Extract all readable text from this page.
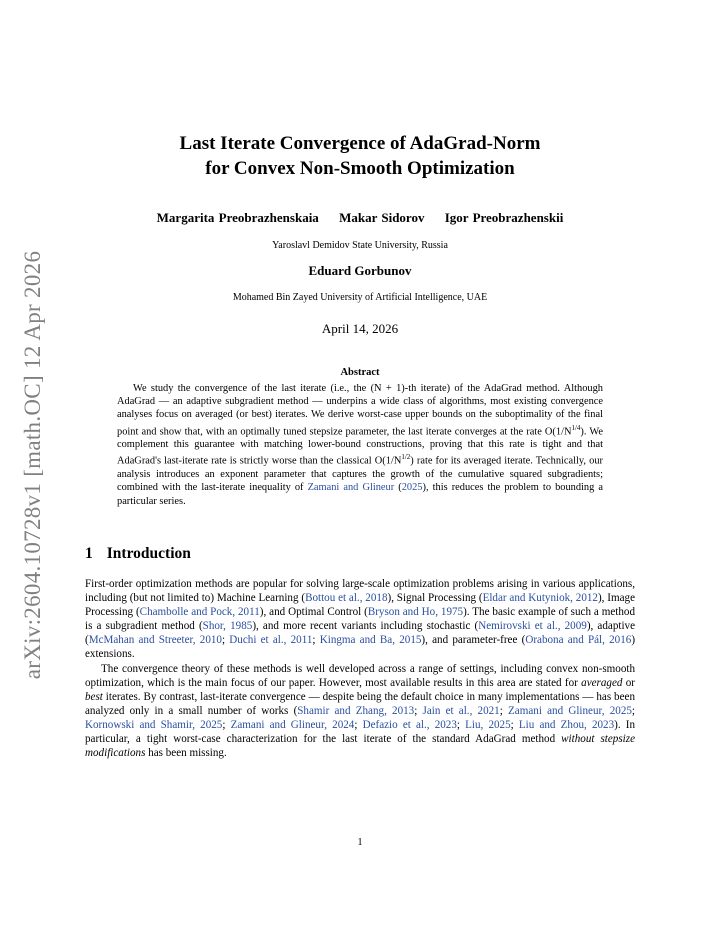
arXiv:2604.10728v1 [math.OC] 12 Apr 2026
Last Iterate Convergence of AdaGrad-Norm
for Convex Non-Smooth Optimization
Margarita Preobrazhenskaia Makar Sidorov Igor Preobrazhenskii
Yaroslavl Demidov State University, Russia
Eduard Gorbunov
Mohamed Bin Zayed University of Artificial Intelligence, UAE
April 14, 2026
Abstract
We study the convergence of the last iterate (i.e., the (N + 1)-th iterate) of the AdaGrad method. Although AdaGrad — an adaptive subgradient method — underpins a wide class of algorithms, most existing convergence analyses focus on averaged (or best) iterates. We derive worst-case upper bounds on the suboptimality of the final point and show that, with an optimally tuned stepsize parameter, the last iterate converges at the rate $O(1/N^{1/4})$. We complement this guarantee with matching lower-bound constructions, proving that this rate is tight and that AdaGrad's last-iterate rate is strictly worse than the classical $O(1/N^{1/2})$ rate for its averaged iterate. Technically, our analysis introduces an exponent parameter that captures the growth of the cumulative squared subgradients; combined with the last-iterate inequality of Zamani and Glineur (2025), this reduces the problem to bounding a particular series.
1 Introduction

First-order optimization methods are popular for solving large-scale optimization problems arising in various applications, including (but not limited to) Machine Learning (Bottou et al., 2018), Signal Processing (Eldar and Kutyniok, 2012), Image Processing (Chambolle and Pock, 2011), and Optimal Control (Bryson and Ho, 1975). The basic example of such a method is a subgradient method (Shor, 1985), and more recent variants including stochastic (Nemirovski et al., 2009), adaptive (McMahan and Streeter, 2010; Duchi et al., 2011; Kingma and Ba, 2015), and parameter-free (Orabona and Pál, 2016) extensions.

The convergence theory of these methods is well developed across a range of settings, including convex non-smooth optimization, which is the main focus of our paper. However, most available results in this area are stated for averaged or best iterates. By contrast, last-iterate convergence — despite being the default choice in many implementations — has been analyzed only in a small number of works (Shamir and Zhang, 2013; Jain et al., 2021; Zamani and Glineur, 2025; Kornowski and Shamir, 2025; Zamani and Glineur, 2024; Defazio et al., 2023; Liu, 2025; Liu and Zhou, 2023). In particular, a tight worst-case characterization for the last iterate of the standard AdaGrad method without stepsize modifications has been missing.

1
